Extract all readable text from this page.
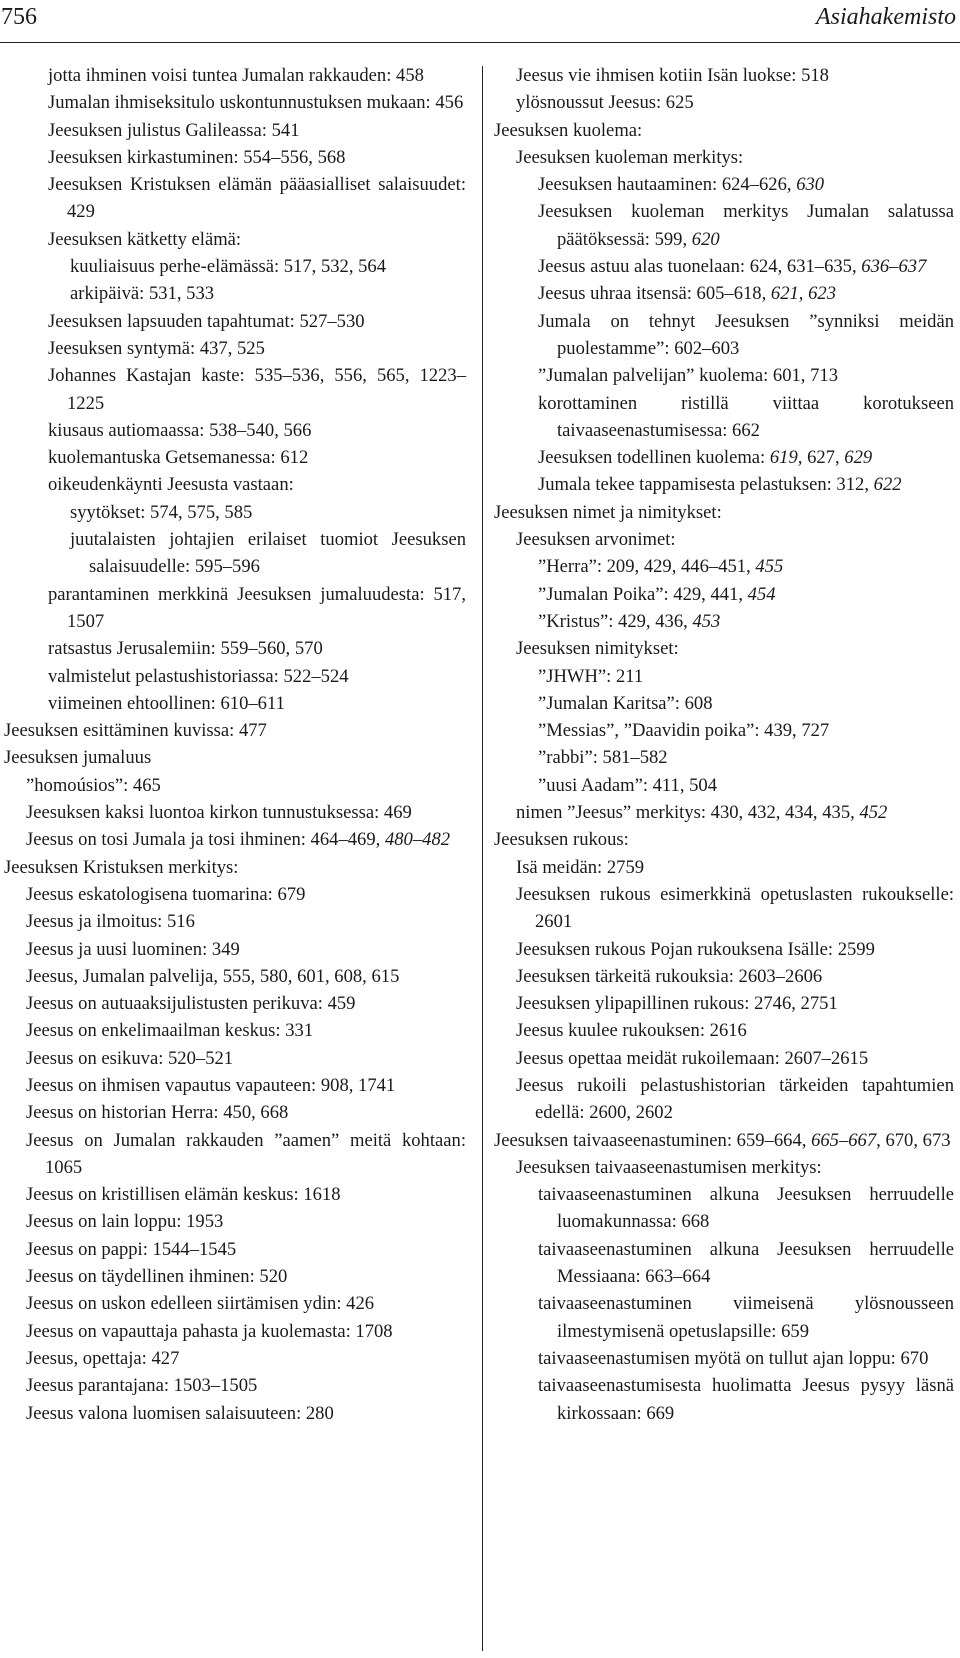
756	Asiahakemisto
jotta ihminen voisi tuntea Jumalan rakkauden: 458
Jumalan ihmiseksitulo uskontunnustuksen mukaan: 456
Jeesuksen julistus Galileassa: 541
Jeesuksen kirkastuminen: 554–556, 568
Jeesuksen Kristuksen elämän pääasialliset salaisuudet: 429
Jeesuksen kätketty elämä:
kuuliaisuus perhe-elämässä: 517, 532, 564
arkipäivä: 531, 533
Jeesuksen lapsuuden tapahtumat: 527–530
Jeesuksen syntymä: 437, 525
Johannes Kastajan kaste: 535–536, 556, 565, 1223–1225
kiusaus autiomaassa: 538–540, 566
kuolemantuska Getsemanessa: 612
oikeudenkäynti Jeesusta vastaan:
syytökset: 574, 575, 585
juutalaisten johtajien erilaiset tuomiot Jeesuksen salaisuudelle: 595–596
parantaminen merkkinä Jeesuksen jumaluudesta: 517, 1507
ratsastus Jerusalemiin: 559–560, 570
valmistelut pelastushistoriassa: 522–524
viimeinen ehtoollinen: 610–611
Jeesuksen esittäminen kuvissa: 477
Jeesuksen jumaluus
”homoúsios”: 465
Jeesuksen kaksi luontoa kirkon tunnustuksessa: 469
Jeesus on tosi Jumala ja tosi ihminen: 464–469, 480–482
Jeesuksen Kristuksen merkitys:
Jeesus eskatologisena tuomarina: 679
Jeesus ja ilmoitus: 516
Jeesus ja uusi luominen: 349
Jeesus, Jumalan palvelija, 555, 580, 601, 608, 615
Jeesus on autuaaksijulistusten perikuva: 459
Jeesus on enkelimaailman keskus: 331
Jeesus on esikuva: 520–521
Jeesus on ihmisen vapautus vapauteen: 908, 1741
Jeesus on historian Herra: 450, 668
Jeesus on Jumalan rakkauden ”aamen” meitä kohtaan: 1065
Jeesus on kristillisen elämän keskus: 1618
Jeesus on lain loppu: 1953
Jeesus on pappi: 1544–1545
Jeesus on täydellinen ihminen: 520
Jeesus on uskon edelleen siirtämisen ydin: 426
Jeesus on vapauttaja pahasta ja kuolemasta: 1708
Jeesus, opettaja: 427
Jeesus parantajana: 1503–1505
Jeesus valona luomisen salaisuuteen: 280
Jeesus vie ihmisen kotiin Isän luokse: 518
ylösnoussut Jeesus: 625
Jeesuksen kuolema:
Jeesuksen kuoleman merkitys:
Jeesuksen hautaaminen: 624–626, 630
Jeesuksen kuoleman merkitys Jumalan salatussa päätöksessä: 599, 620
Jeesus astuu alas tuonelaan: 624, 631–635, 636–637
Jeesus uhraa itsensä: 605–618, 621, 623
Jumala on tehnyt Jeesuksen ”synniksi meidän puolestamme”: 602–603
”Jumalan palvelijan” kuolema: 601, 713
korottaminen ristillä viittaa korotukseen taivaaseenastumisessa: 662
Jeesuksen todellinen kuolema: 619, 627, 629
Jumala tekee tappamisesta pelastuksen: 312, 622
Jeesuksen nimet ja nimitykset:
Jeesuksen arvonimet:
”Herra”: 209, 429, 446–451, 455
”Jumalan Poika”: 429, 441, 454
”Kristus”: 429, 436, 453
Jeesuksen nimitykset:
”JHWH”: 211
”Jumalan Karitsa”: 608
”Messias”, ”Daavidin poika”: 439, 727
”rabbi”: 581–582
”uusi Aadam”: 411, 504
nimen ”Jeesus” merkitys: 430, 432, 434, 435, 452
Jeesuksen rukous:
Isä meidän: 2759
Jeesuksen rukous esimerkkinä opetuslasten rukoukselle: 2601
Jeesuksen rukous Pojan rukouksena Isälle: 2599
Jeesuksen tärkeitä rukouksia: 2603–2606
Jeesuksen ylipapillinen rukous: 2746, 2751
Jeesus kuulee rukouksen: 2616
Jeesus opettaa meidät rukoilemaan: 2607–2615
Jeesus rukoili pelastushistorian tärkeiden tapahtumien edellä: 2600, 2602
Jeesuksen taivaaseenastuminen: 659–664, 665–667, 670, 673
Jeesuksen taivaaseenastumisen merkitys:
taivaaseenastuminen alkuna Jeesuksen herruudelle luomakunnassa: 668
taivaaseenastuminen alkuna Jeesuksen herruudelle Messiaana: 663–664
taivaaseenastuminen viimeisenä ylösnousseen ilmestymisenä opetuslapsille: 659
taivaaseenastumisen myötä on tullut ajan loppu: 670
taivaaseenastumisesta huolimatta Jeesus pysyy läsnä kirkossaan: 669
